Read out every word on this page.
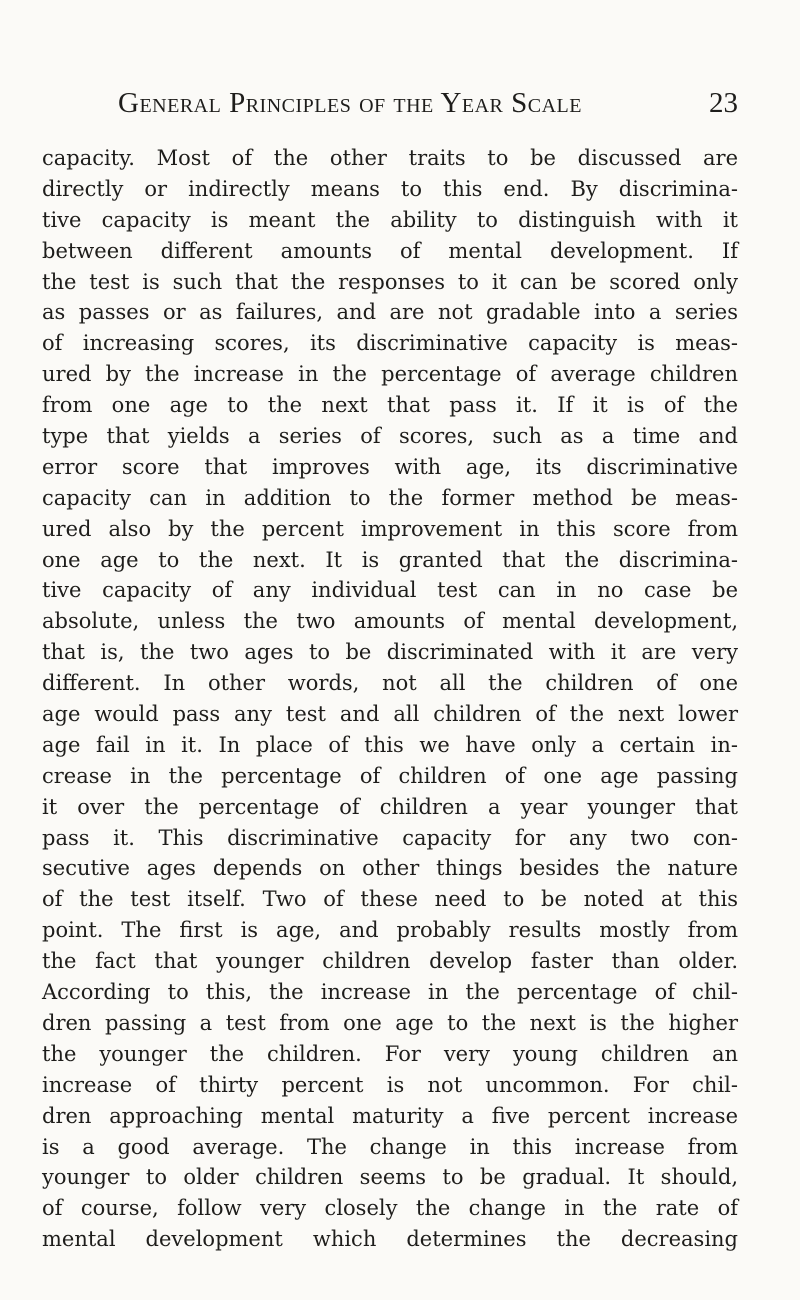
General Principles of the Year Scale	23
capacity. Most of the other traits to be discussed are
directly or indirectly means to this end. By discrimina-
tive capacity is meant the ability to distinguish with it
between different amounts of mental development. If
the test is such that the responses to it can be scored only
as passes or as failures, and are not gradable into a series
of increasing scores, its discriminative capacity is meas-
ured by the increase in the percentage of average children
from one age to the next that pass it. If it is of the
type that yields a series of scores, such as a time and
error score that improves with age, its discriminative
capacity can in addition to the former method be meas-
ured also by the percent improvement in this score from
one age to the next. It is granted that the discrimina-
tive capacity of any individual test can in no case be
absolute, unless the two amounts of mental development,
that is, the two ages to be discriminated with it are very
different. In other words, not all the children of one
age would pass any test and all children of the next lower
age fail in it. In place of this we have only a certain in-
crease in the percentage of children of one age passing
it over the percentage of children a year younger that
pass it. This discriminative capacity for any two con-
secutive ages depends on other things besides the nature
of the test itself. Two of these need to be noted at this
point. The first is age, and probably results mostly from
the fact that younger children develop faster than older.
According to this, the increase in the percentage of chil-
dren passing a test from one age to the next is the higher
the younger the children. For very young children an
increase of thirty percent is not uncommon. For chil-
dren approaching mental maturity a five percent increase
is a good average. The change in this increase from
younger to older children seems to be gradual. It should,
of course, follow very closely the change in the rate of
mental development which determines the decreasing
